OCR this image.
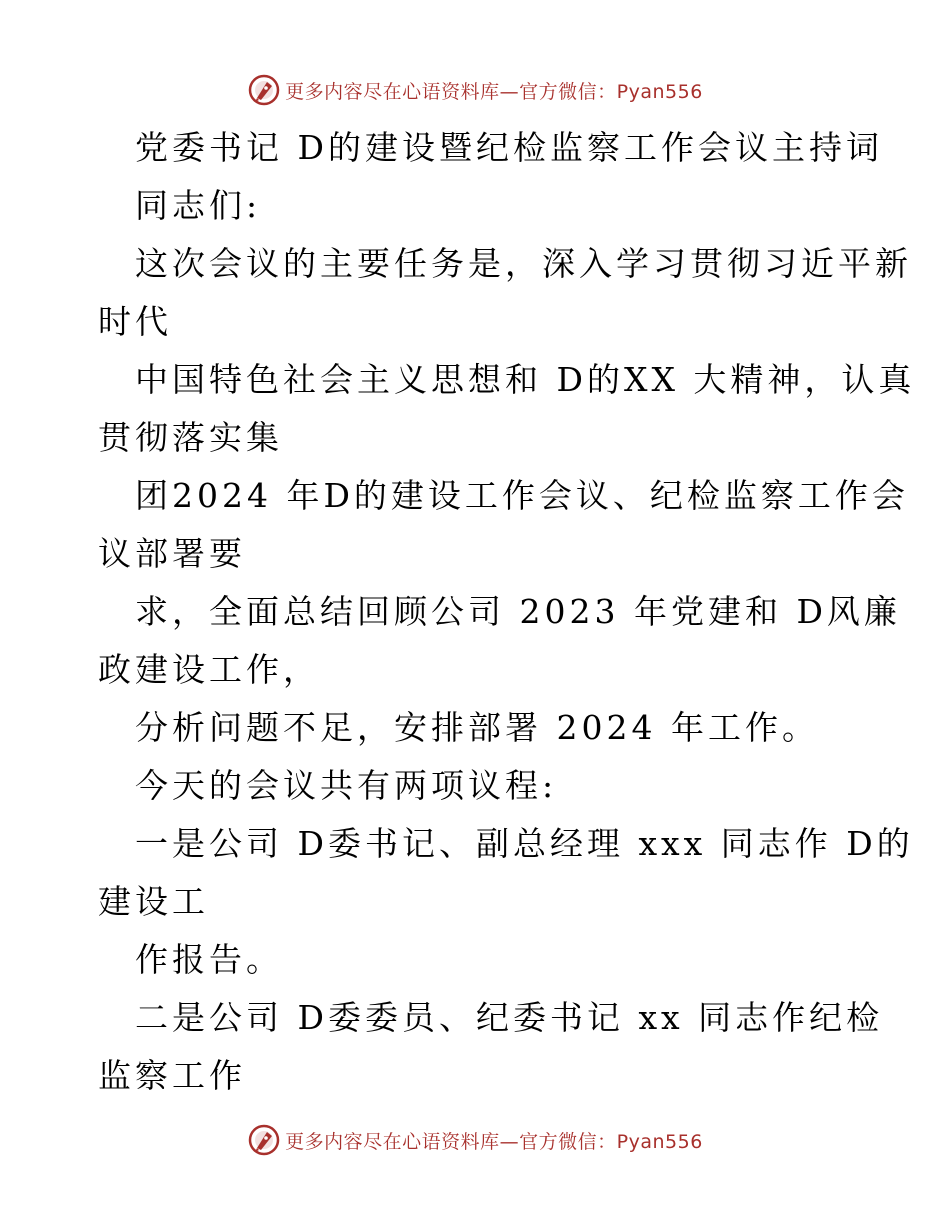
更多内容尽在心语资料库—官方微信：Pyan556
党委书记 D的建设暨纪检监察工作会议主持词
同志们:
这次会议的主要任务是，深入学习贯彻习近平新
时代
中国特色社会主义思想和 D的XX 大精神，认真
贯彻落实集
团2024 年D的建设工作会议、纪检监察工作会
议部署要
求，全面总结回顾公司 2023 年党建和 D风廉
政建设工作，
分析问题不足，安排部署 2024 年工作。
今天的会议共有两项议程:
一是公司 D委书记、副总经理 xxx 同志作 D的
建设工
作报告。
二是公司 D委委员、纪委书记 xx 同志作纪检
监察工作
更多内容尽在心语资料库—官方微信：Pyan556
